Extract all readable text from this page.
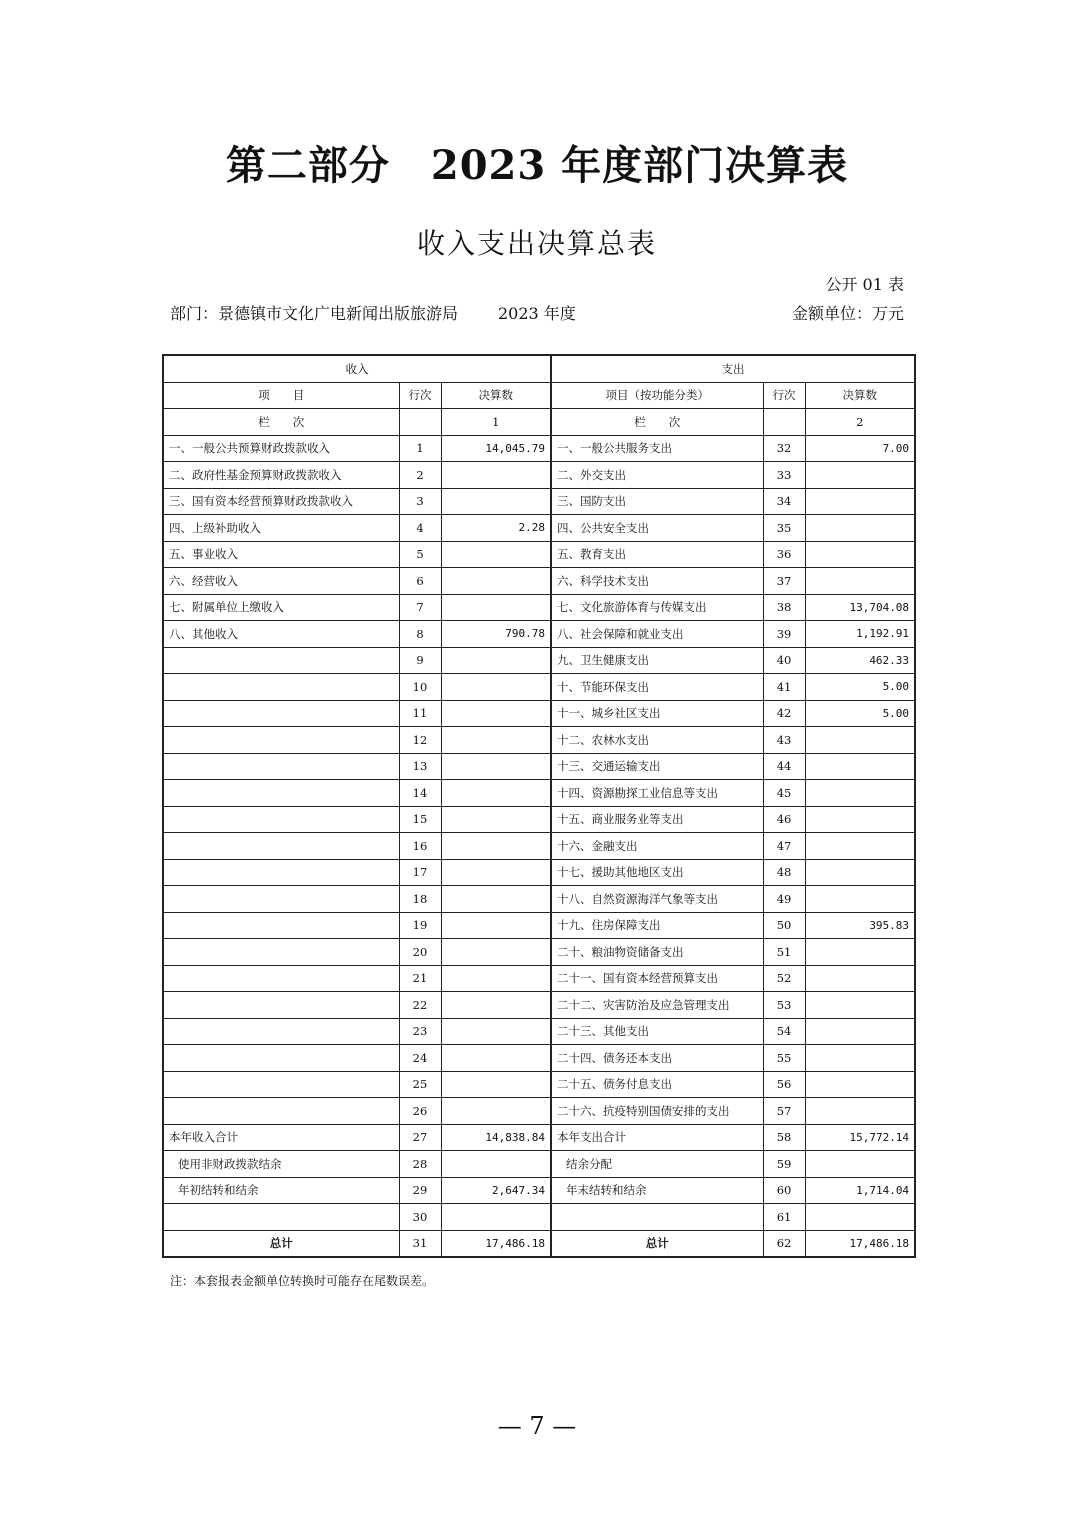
第二部分　2023 年度部门决算表
收入支出决算总表
公开 01 表
部门：景德镇市文化广电新闻出版旅游局 2023 年度	金额单位：万元
收入			支出		
项　　目	行次	决算数	项目（按功能分类）	行次	决算数
栏　　次		1	栏　　次		2
一、一般公共预算财政拨款收入	1	14,045.79	一、一般公共服务支出	32	7.00
二、政府性基金预算财政拨款收入	2		二、外交支出	33	
三、国有资本经营预算财政拨款收入	3		三、国防支出	34	
四、上级补助收入	4	2.28	四、公共安全支出	35	
五、事业收入	5		五、教育支出	36	
六、经营收入	6		六、科学技术支出	37	
七、附属单位上缴收入	7		七、文化旅游体育与传媒支出	38	13,704.08
八、其他收入	8	790.78	八、社会保障和就业支出	39	1,192.91
	9		九、卫生健康支出	40	462.33
	10		十、节能环保支出	41	5.00
	11		十一、城乡社区支出	42	5.00
	12		十二、农林水支出	43	
	13		十三、交通运输支出	44	
	14		十四、资源勘探工业信息等支出	45	
	15		十五、商业服务业等支出	46	
	16		十六、金融支出	47	
	17		十七、援助其他地区支出	48	
	18		十八、自然资源海洋气象等支出	49	
	19		十九、住房保障支出	50	395.83
	20		二十、粮油物资储备支出	51	
	21		二十一、国有资本经营预算支出	52	
	22		二十二、灾害防治及应急管理支出	53	
	23		二十三、其他支出	54	
	24		二十四、债务还本支出	55	
	25		二十五、债务付息支出	56	
	26		二十六、抗疫特别国债安排的支出	57	
本年收入合计	27	14,838.84	本年支出合计	58	15,772.14
使用非财政拨款结余	28		结余分配	59	
年初结转和结余	29	2,647.34	年末结转和结余	60	1,714.04
	30			61	
总计	31	17,486.18	总计	62	17,486.18
注：本套报表金额单位转换时可能存在尾数误差。
— 7 —
